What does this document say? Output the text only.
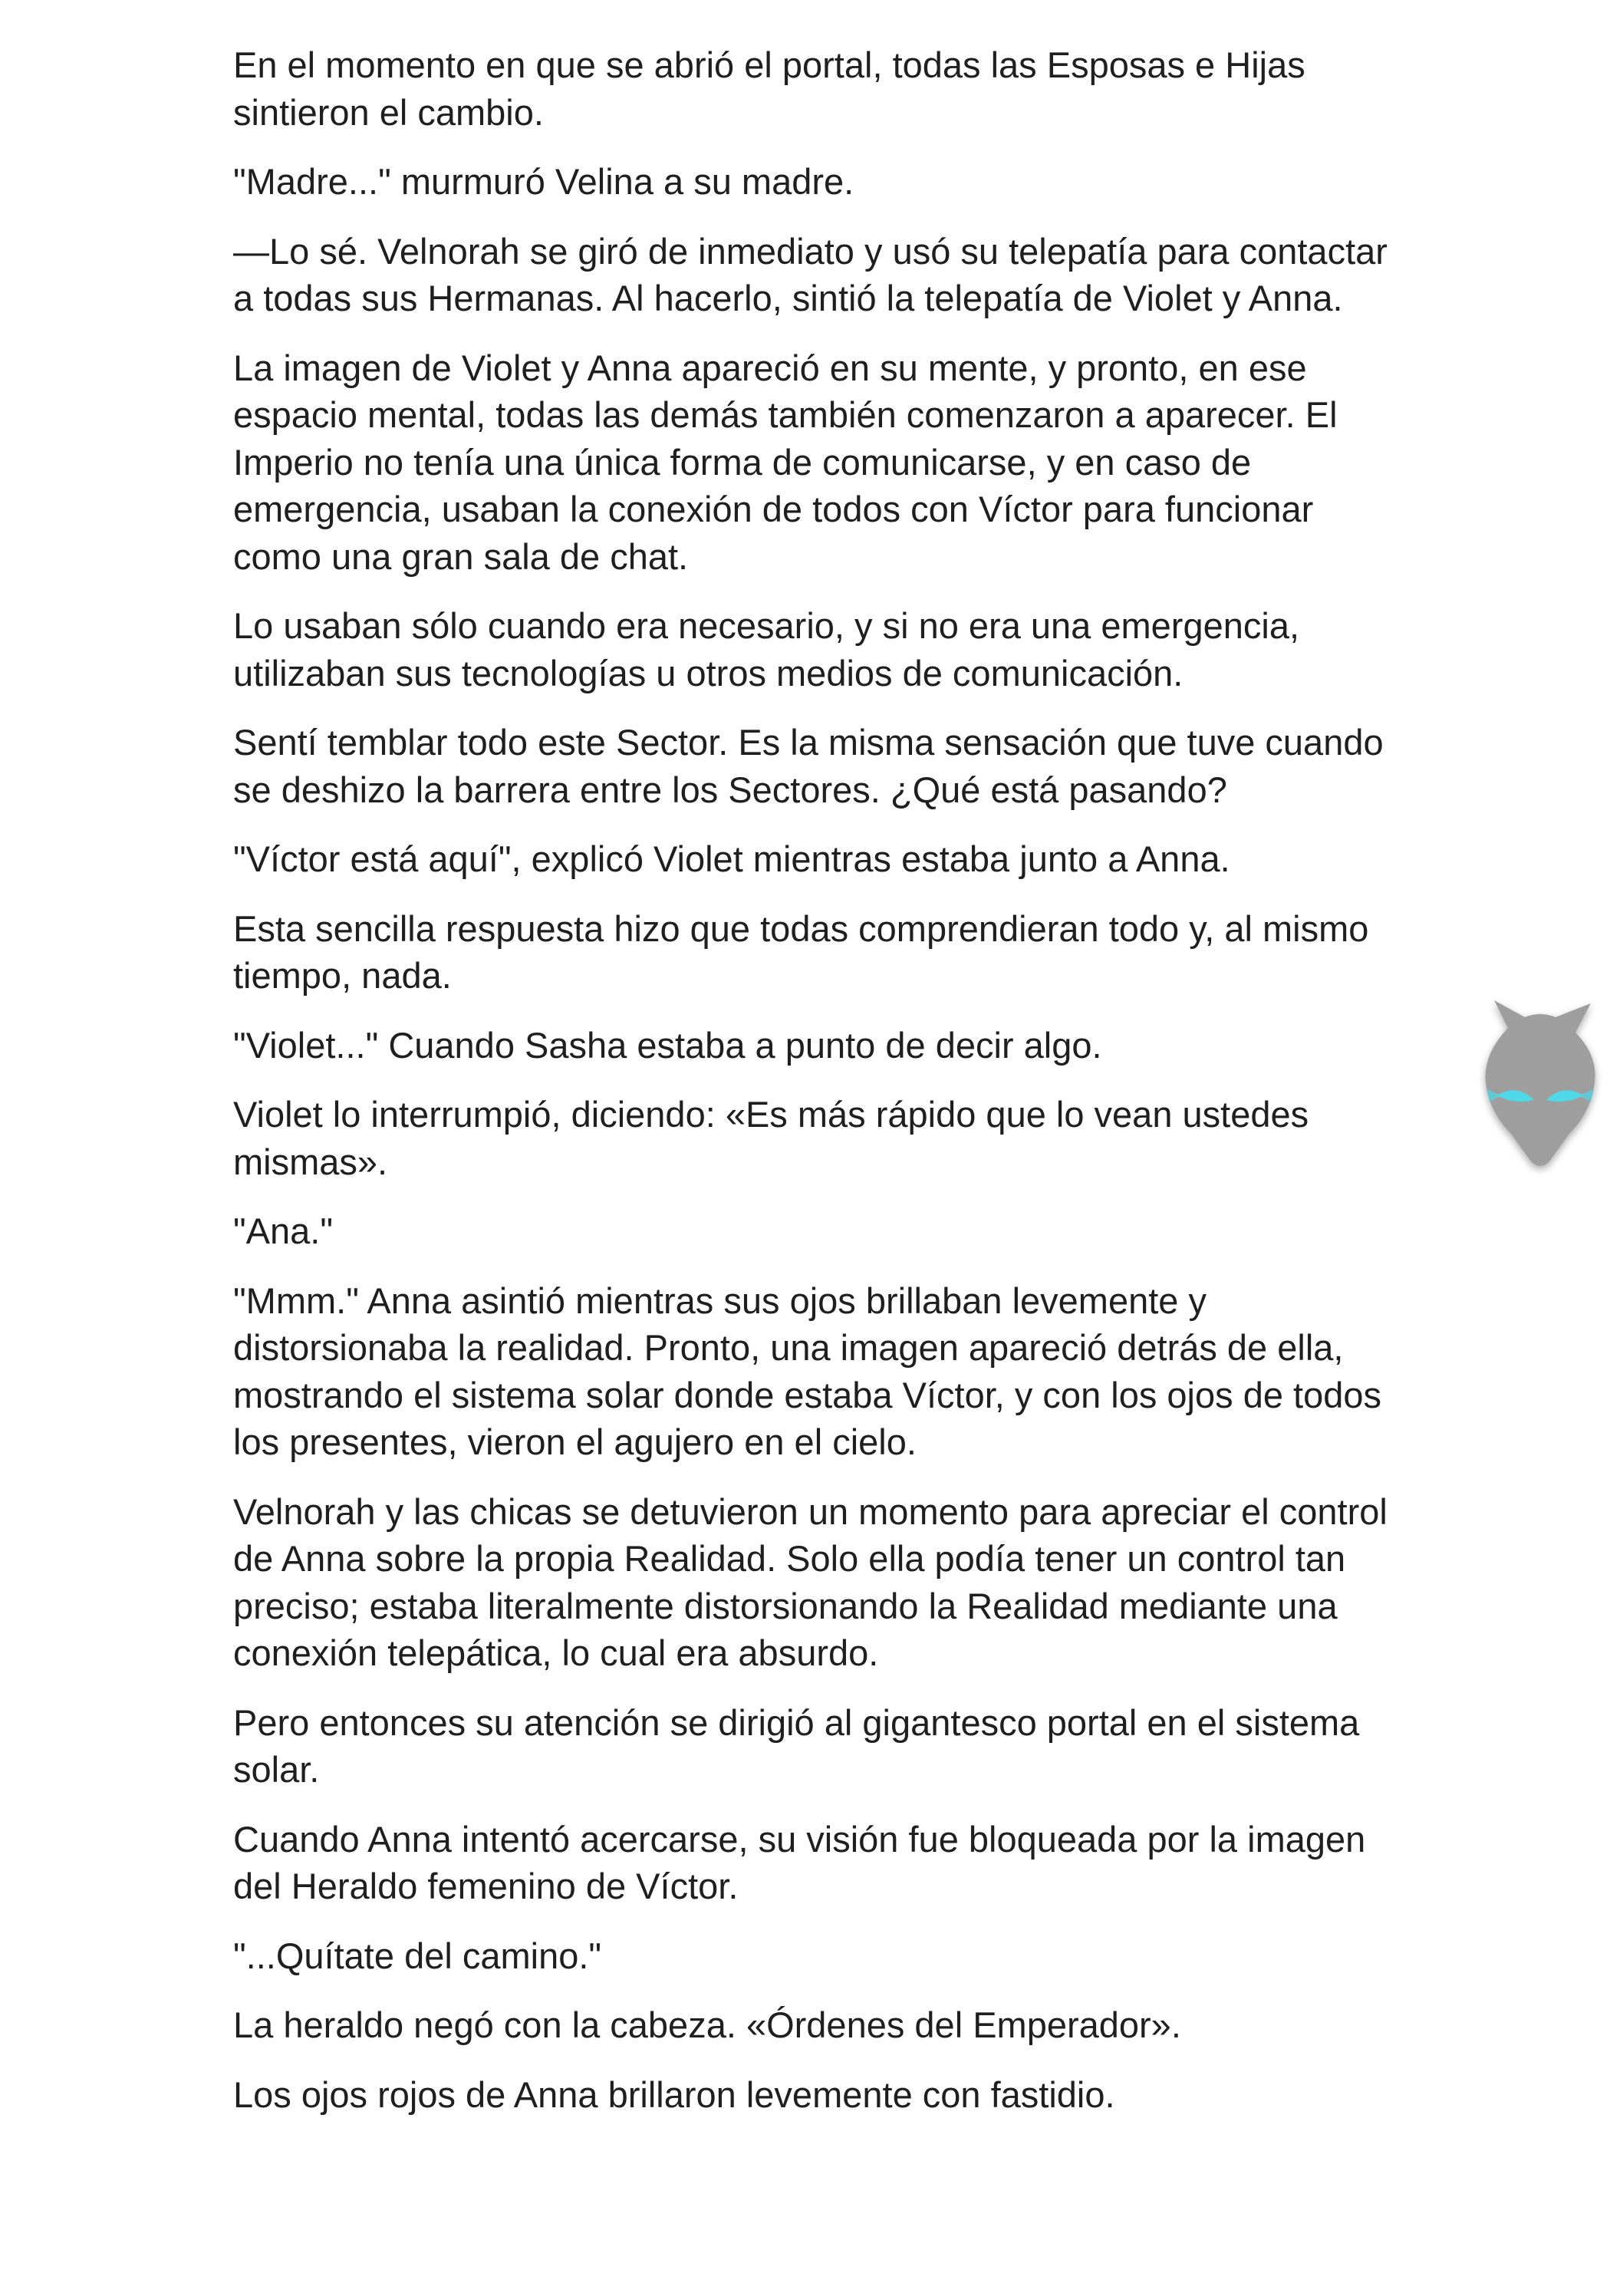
En el momento en que se abrió el portal, todas las Esposas e Hijas sintieron el cambio.

"Madre..." murmuró Velina a su madre.

—Lo sé. Velnorah se giró de inmediato y usó su telepatía para contactar a todas sus Hermanas. Al hacerlo, sintió la telepatía de Violet y Anna.

La imagen de Violet y Anna apareció en su mente, y pronto, en ese espacio mental, todas las demás también comenzaron a aparecer. El Imperio no tenía una única forma de comunicarse, y en caso de emergencia, usaban la conexión de todos con Víctor para funcionar como una gran sala de chat.

Lo usaban sólo cuando era necesario, y si no era una emergencia, utilizaban sus tecnologías u otros medios de comunicación.

Sentí temblar todo este Sector. Es la misma sensación que tuve cuando se deshizo la barrera entre los Sectores. ¿Qué está pasando?

"Víctor está aquí", explicó Violet mientras estaba junto a Anna.

Esta sencilla respuesta hizo que todas comprendieran todo y, al mismo tiempo, nada.

"Violet..." Cuando Sasha estaba a punto de decir algo.

Violet lo interrumpió, diciendo: «Es más rápido que lo vean ustedes mismas».

"Ana."

"Mmm." Anna asintió mientras sus ojos brillaban levemente y distorsionaba la realidad. Pronto, una imagen apareció detrás de ella, mostrando el sistema solar donde estaba Víctor, y con los ojos de todos los presentes, vieron el agujero en el cielo.

Velnorah y las chicas se detuvieron un momento para apreciar el control de Anna sobre la propia Realidad. Solo ella podía tener un control tan preciso; estaba literalmente distorsionando la Realidad mediante una conexión telepática, lo cual era absurdo.

Pero entonces su atención se dirigió al gigantesco portal en el sistema solar.

Cuando Anna intentó acercarse, su visión fue bloqueada por la imagen del Heraldo femenino de Víctor.

"...Quítate del camino."

La heraldo negó con la cabeza. «Órdenes del Emperador».

Los ojos rojos de Anna brillaron levemente con fastidio.
